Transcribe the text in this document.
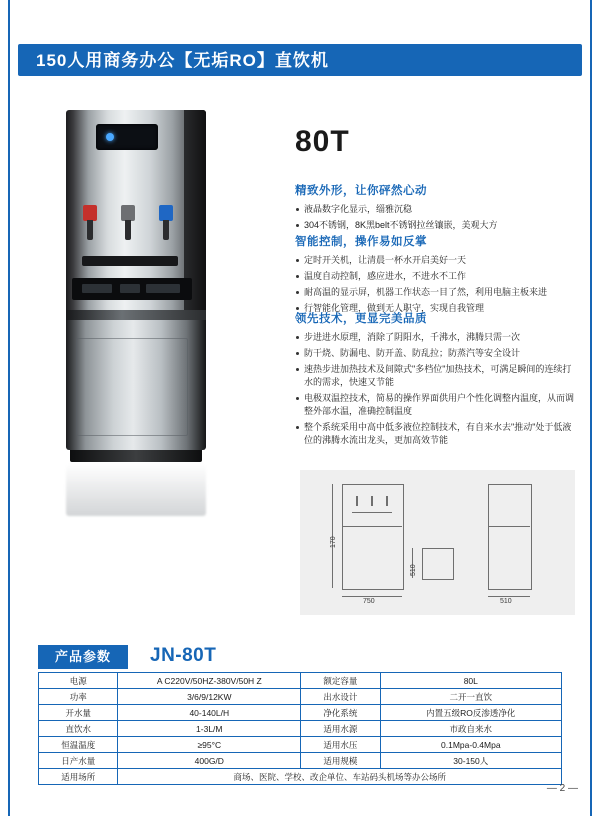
150人用商务办公【无垢RO】直饮机
80T
精致外形，让你砰然心动
液晶数字化显示，缁雅沉稳
304不锈钢，8K黑belt不锈钢拉丝镶嵌，美观大方
智能控制，操作易如反掌
定时开关机，让清晨一杯水开启美好一天
温度自动控制，感应进水，不进水不工作
耐高温的显示屏，机器工作状态一目了然，利用电脑主板来进
行智能化管理，做到无人职守，实现自我管理
领先技术，更显完美品质
步进进水原理，消除了阴阳水，千沸水，沸腾只需一次
防干烧、防漏电、防开盖、防乱拉；防蒸汽等安全设计
速热步进加热技术及间隙式"多档位"加热技术，可满足瞬间的连续打水的需求，快速又节能
电极双温控技术，简易的操作界面供用户个性化调整内温度，从而调整外部水温，准确控制温度
整个系统采用中高中低多液位控制技术，有自来水去"推动"处于低液位的沸腾水流出龙头，更加高效节能
170
750
510
510
产品参数	JN-80T
电源	A C220V/50HZ-380V/50H Z	额定容量	80L
功率	3/6/9/12KW	出水设计	二开一直饮
开水量	40-140L/H	净化系统	内置五级RO反渗透净化
直饮水	1-3L/M	适用水源	市政自来水
恒温温度	≥95°C	适用水压	0.1Mpa-0.4Mpa
日产水量	400G/D	适用规模	30-150人
适用场所	商场、医院、学校、改企单位、车站码头机场等办公场所		
— 2 —
